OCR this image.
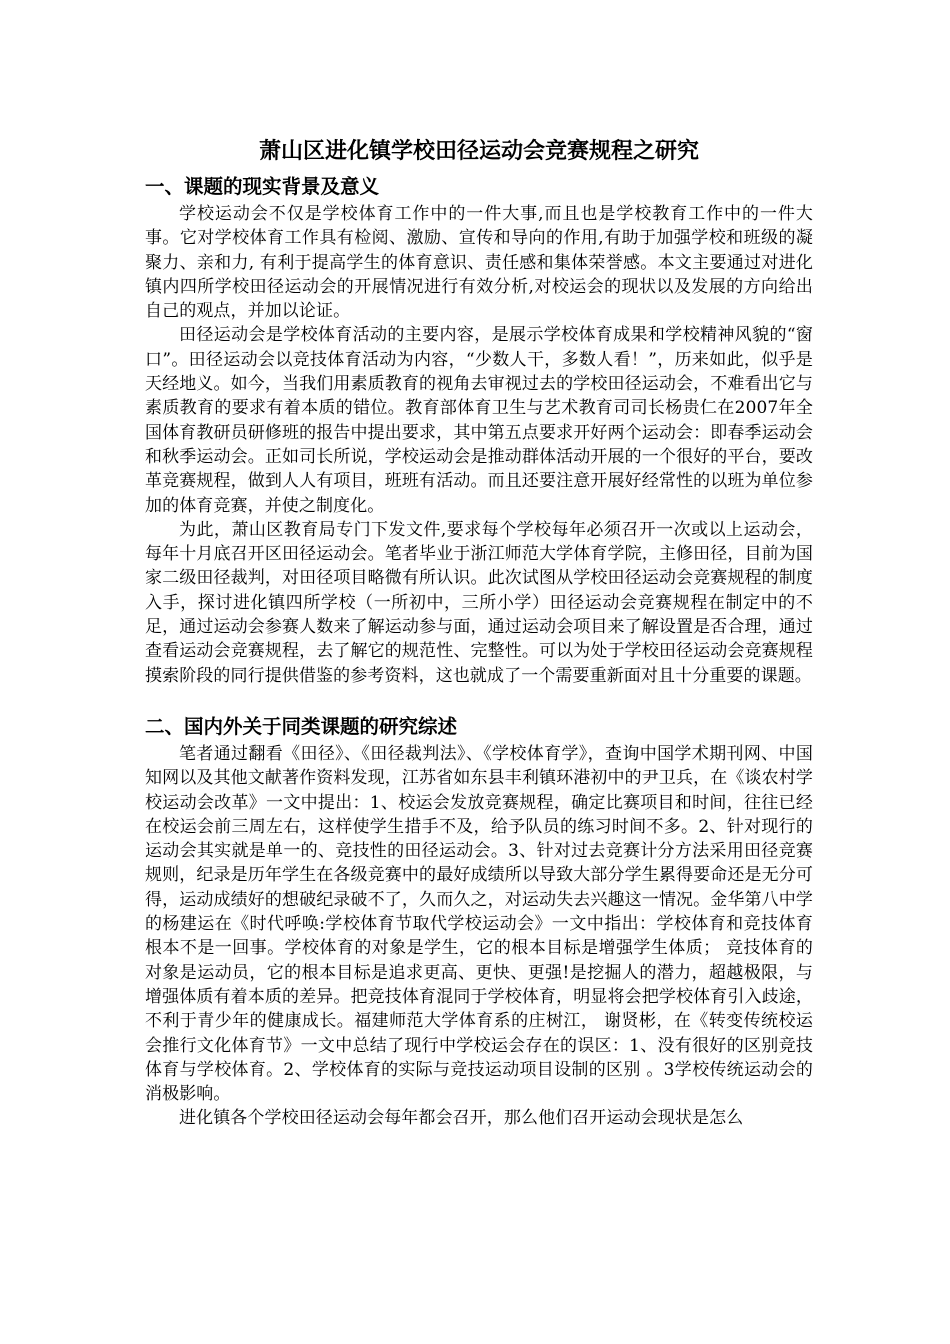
萧山区进化镇学校田径运动会竞赛规程之研究
一、课题的现实背景及意义

学校运动会不仅是学校体育工作中的一件大事,而且也是学校教育工作中的一件大事。它对学校体育工作具有检阅、激励、宣传和导向的作用,有助于加强学校和班级的凝聚力、亲和力, 有利于提高学生的体育意识、责任感和集体荣誉感。本文主要通过对进化镇内四所学校田径运动会的开展情况进行有效分析,对校运会的现状以及发展的方向给出自己的观点，并加以论证。

田径运动会是学校体育活动的主要内容，是展示学校体育成果和学校精神风貌的“窗口”。田径运动会以竞技体育活动为内容，“少数人干，多数人看！”，历来如此，似乎是天经地义。如今，当我们用素质教育的视角去审视过去的学校田径运动会，不难看出它与素质教育的要求有着本质的错位。教育部体育卫生与艺术教育司司长杨贵仁在2007年全国体育教研员研修班的报告中提出要求，其中第五点要求开好两个运动会：即春季运动会和秋季运动会。正如司长所说，学校运动会是推动群体活动开展的一个很好的平台，要改革竞赛规程，做到人人有项目，班班有活动。而且还要注意开展好经常性的以班为单位参加的体育竞赛，并使之制度化。

为此，萧山区教育局专门下发文件,要求每个学校每年必须召开一次或以上运动会，每年十月底召开区田径运动会。笔者毕业于浙江师范大学体育学院，主修田径，目前为国家二级田径裁判，对田径项目略微有所认识。此次试图从学校田径运动会竞赛规程的制度入手，探讨进化镇四所学校（一所初中，三所小学）田径运动会竞赛规程在制定中的不足，通过运动会参赛人数来了解运动参与面，通过运动会项目来了解设置是否合理，通过查看运动会竞赛规程，去了解它的规范性、完整性。可以为处于学校田径运动会竞赛规程摸索阶段的同行提供借鉴的参考资料，这也就成了一个需要重新面对且十分重要的课题。

二、国内外关于同类课题的研究综述

笔者通过翻看《田径》、《田径裁判法》、《学校体育学》，查询中国学术期刊网、中国知网以及其他文献著作资料发现，江苏省如东县丰利镇环港初中的尹卫兵，在《谈农村学校运动会改革》一文中提出：1、校运会发放竞赛规程，确定比赛项目和时间，往往已经在校运会前三周左右，这样使学生措手不及，给予队员的练习时间不多。2、针对现行的运动会其实就是单一的、竞技性的田径运动会。3、针对过去竞赛计分方法采用田径竞赛规则，纪录是历年学生在各级竞赛中的最好成绩所以导致大部分学生累得要命还是无分可得，运动成绩好的想破纪录破不了，久而久之，对运动失去兴趣这一情况。金华第八中学的杨建运在《时代呼唤:学校体育节取代学校运动会》一文中指出：学校体育和竞技体育根本不是一回事。学校体育的对象是学生，它的根本目标是增强学生体质； 竞技体育的对象是运动员，它的根本目标是追求更高、更快、更强!是挖掘人的潜力，超越极限，与增强体质有着本质的差异。把竞技体育混同于学校体育，明显将会把学校体育引入歧途，不利于青少年的健康成长。福建师范大学体育系的庄树江， 谢贤彬，在《转变传统校运会推行文化体育节》一文中总结了现行中学校运会存在的误区：1、没有很好的区别竞技体育与学校体育。2、学校体育的实际与竞技运动项目设制的区别 。3学校传统运动会的消极影响。

进化镇各个学校田径运动会每年都会召开，那么他们召开运动会现状是怎么
